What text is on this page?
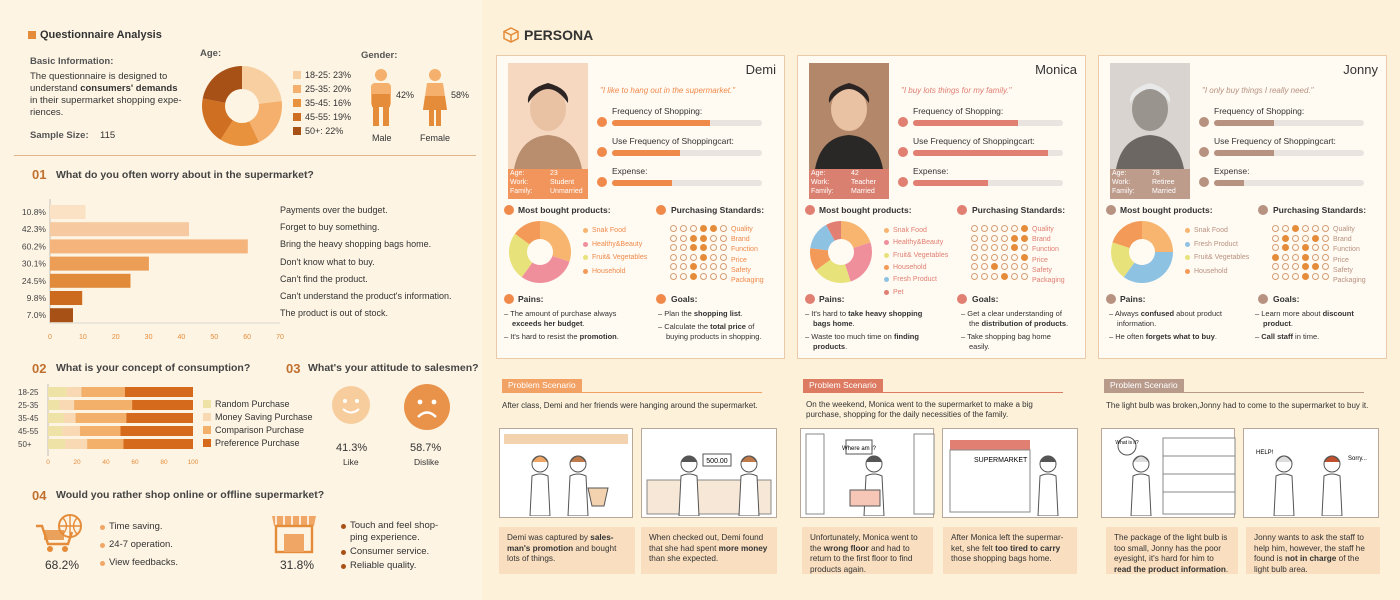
Questionnaire Analysis
Basic Information:
The questionnaire is designed to
understand consumers' demands
in their supermarket shopping expe-
riences.
Sample Size: 115
Age:
18-25: 23%
25-35: 20%
35-45: 16%
45-55: 19%
50+: 22%
Gender:
42%	58%
Male	Female
01 What do you often worry about in the supermarket?
10.8%
42.3%
60.2%
30.1%
24.5%
9.8%
7.0%
0	10	20	30	40	50	60	70
Payments over the budget.
Forget to buy something.
Bring the heavy shopping bags home.
Don't know what to buy.
Can't find the product.
Can't understand the product's information.
The product is out of stock.
02 What is your concept of consumption?
18-25
25-35
35-45
45-55
50+
0	20	40	60	80	100
Random Purchase
Money Saving Purchase
Comparison Purchase
Preference Purchase
03 What's your attitude to salesmen?
41.3%
Like
58.7%
Dislike
04 Would you rather shop online or offline supermarket?
68.2%
Time saving.
24-7 operation.
View feedbacks.	31.8%
Touch and feel shop-
ping experience.
Consumer service.
Reliable quality.
PERSONA
Age:	23
Work:	Student
Family: Unmarried
Demi
"I like to hang out in the supermarket."
Frequency of Shopping:
Use Frequency of Shoppingcart:
Expense:
Most bought products:
Snak Food
Healthy&Beauty
Fruit& Vegetables
Household
Purchasing Standards:
Quality
Brand
Function
Price
Safety
Packaging
Pains:	Goals:
Problem Scenario
Age:	42
Work:	Teacher
Family: Married
Monica
"I buy lots things for my family."
Frequency of Shopping:
Use Frequency of Shoppingcart:
Expense:
Most bought products:
Snak Food
Healthy&Beauty
Fruit& Vegetables
Household
Fresh Product
Pet
Purchasing Standards:
Quality
Brand
Function
Price
Safety
Packaging
Pains:	Goals:
Problem Scenario
Age:	78
Work:	Retiree
Family: Married
Jonny
"I only buy things I really need."
Frequency of Shopping:
Use Frequency of Shoppingcart:
Expense:
Most bought products:
Snak Food
Fresh Product
Fruit& Vegetables
Household
Purchasing Standards:
Quality
Brand
Function
Price
Safety
Packaging
Pains:	Goals:
Problem Scenario
– The amount of purchase always
exceeds her budget.
– It's hard to resist the promotion.
– Plan the shopping list.
– Calculate the total price of
buying products in shopping.
After class, Demi and her friends were hanging around the supermarket.
– It's hard to take heavy shopping
bags home.
– Waste too much time on finding
products.
– Get a clear understanding of
the distribution of products.
– Take shopping bag home
easily.
On the weekend, Monica went to the supermarket to make a big
purchase, shopping for the daily necessities of the family.
– Always confused about product
information.
– He often forgets what to buy.
– Learn more about discount
product.
– Call staff in time.
The light bulb was broken,Jonny had to come to the supermarket to buy it.
Demi was captured by sales-man's promotion and bought lots of things.
When checked out, Demi found that she had spent more money than she expected.
Unfortunately, Monica went to the wrong floor and had to return to the first floor to find products again.
After Monica left the supermar-ket, she felt too tired to carry those shopping bags home.
The package of the light bulb is too small, Jonny has the poor eyesight, it's hard for him to read the product information.
Jonny wants to ask the staff to help him, however, the staff he found is not in charge of the light bulb area.
500.00
Where am i?
SUPERMARKET
What is it?
HELP!
Sorry...
